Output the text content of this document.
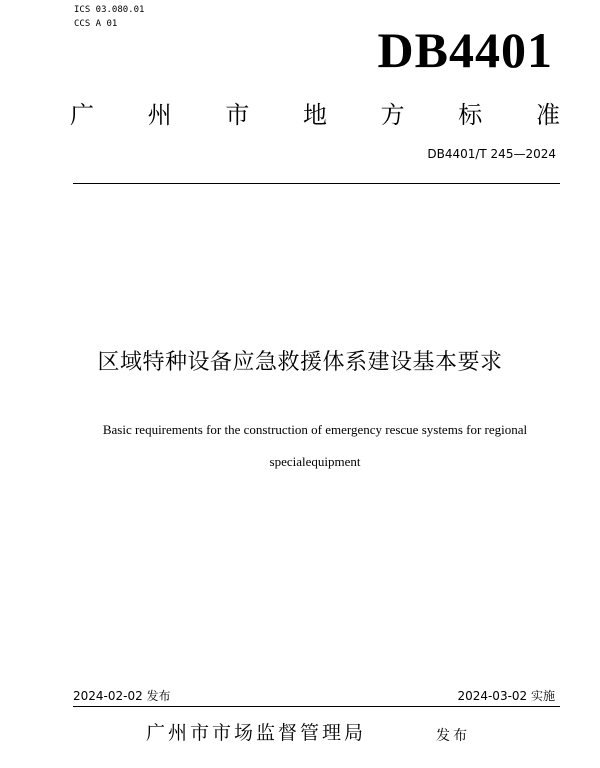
ICS 03.080.01
CCS A 01	DB4401
广 州 市 地 方 标 准
DB4401/T 245—2024
区域特种设备应急救援体系建设基本要求
Basic requirements for the construction of emergency rescue systems for regional specialequipment
2024-02-02 发布	2024-03-02 实施
广州市市场监督管理局	发布
